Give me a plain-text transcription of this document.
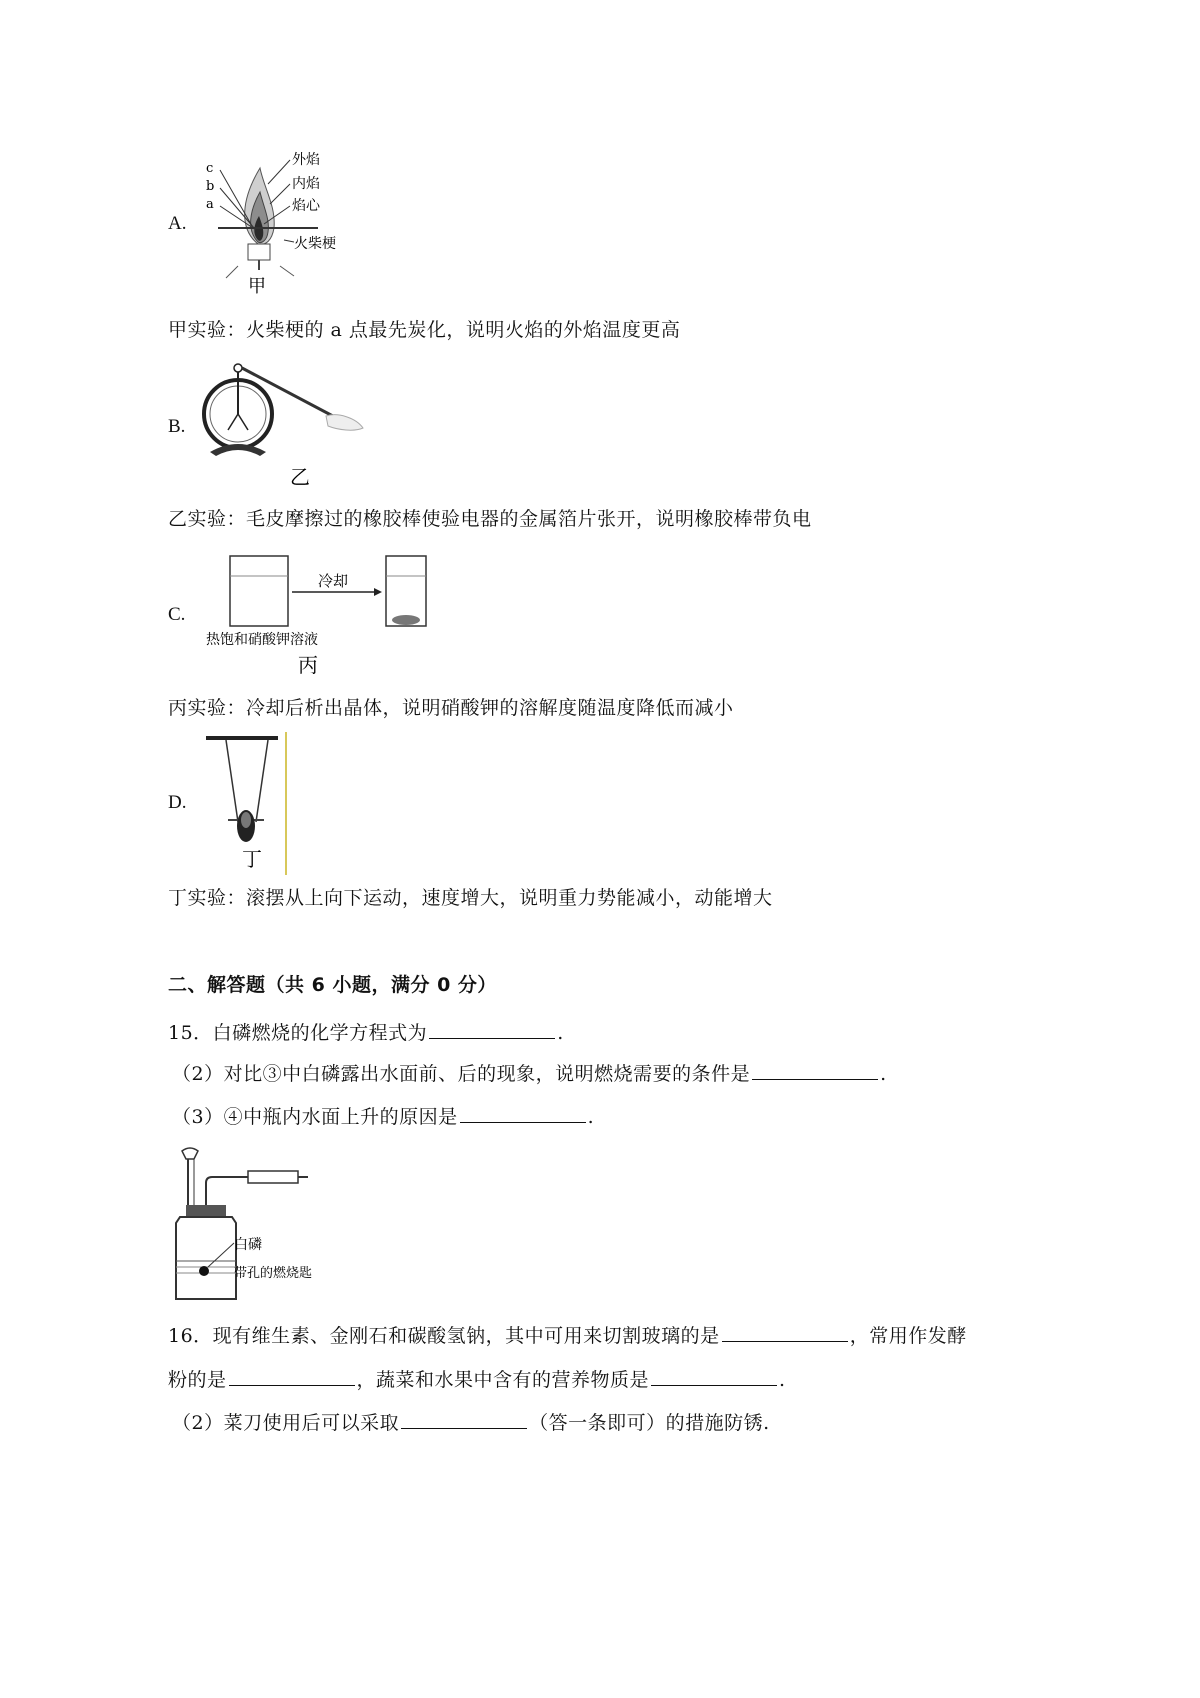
A.
c
b
a
外焰
内焰
焰心
火柴梗
甲
甲实验：火柴梗的 a 点最先炭化，说明火焰的外焰温度更高
B.
乙
乙实验：毛皮摩擦过的橡胶棒使验电器的金属箔片张开，说明橡胶棒带负电
C.
冷却
热饱和硝酸钾溶液
丙
丙实验：冷却后析出晶体，说明硝酸钾的溶解度随温度降低而减小
D.
丁
丁实验：滚摆从上向下运动，速度增大，说明重力势能减小，动能增大
二、解答题（共 6 小题，满分 0 分）
15．白磷燃烧的化学方程式为	.
（2）对比③中白磷露出水面前、后的现象，说明燃烧需要的条件是	.
（3）④中瓶内水面上升的原因是	.
白磷
带孔的燃烧匙
16．现有维生素、金刚石和碳酸氢钠，其中可用来切割玻璃的是	，常用作发酵
粉的是	，蔬菜和水果中含有的营养物质是	.
（2）菜刀使用后可以采取	（答一条即可）的措施防锈.
